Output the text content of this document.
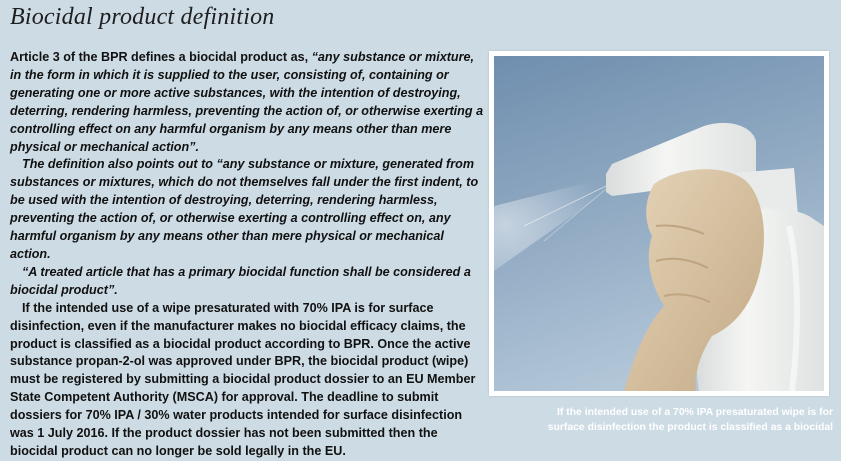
Biocidal product definition

Article 3 of the BPR defines a biocidal product as, “any substance or mixture, in the form in which it is supplied to the user, consisting of, containing or generating one or more active substances, with the intention of destroying, deterring, rendering harmless, preventing the action of, or otherwise exerting a controlling effect on any harmful organism by any means other than mere physical or mechanical action”.

The definition also points out to “any substance or mixture, generated from substances or mixtures, which do not themselves fall under the first indent, to be used with the intention of destroying, deterring, rendering harmless, preventing the action of, or otherwise exerting a controlling effect on, any harmful organism by any means other than mere physical or mechanical action.

“A treated article that has a primary biocidal function shall be considered a biocidal product”.

If the intended use of a wipe presaturated with 70% IPA is for surface disinfection, even if the manufacturer makes no biocidal efficacy claims, the product is classified as a biocidal product according to BPR. Once the active substance propan-2-ol was approved under BPR, the biocidal product (wipe) must be registered by submitting a biocidal product dossier to an EU Member State Competent Authority (MSCA) for approval. The deadline to submit dossiers for 70% IPA / 30% water products intended for surface disinfection was 1 July 2016. If the product dossier has not been submitted then the biocidal product can no longer be sold legally in the EU.

If the intended use of a 70% IPA presaturated wipe is for

surface disinfection the product is classified as a biocidal
